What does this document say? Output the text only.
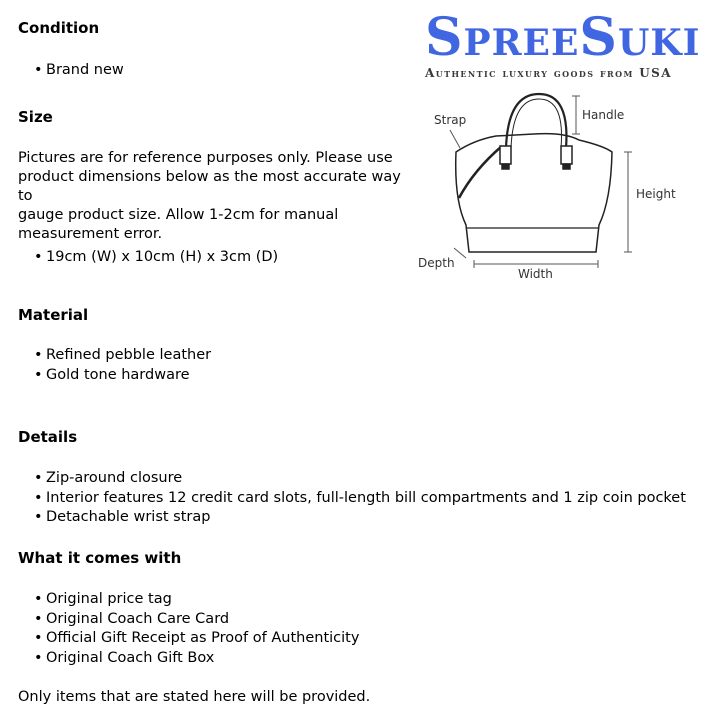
Condition
• Brand new
Size

Pictures are for reference purposes only. Please use
product dimensions below as the most accurate way to
gauge product size. Allow 1-2cm for manual
measurement error.

• 19cm (W) x 10cm (H) x 3cm (D)
Material
• Refined pebble leather
• Gold tone hardware
Details
• Zip-around closure
• Interior features 12 credit card slots, full-length bill compartments and 1 zip coin pocket
• Detachable wrist strap
What it comes with
• Original price tag
• Original Coach Care Card
• Official Gift Receipt as Proof of Authenticity
• Original Coach Gift Box

Only items that are stated here will be provided.

SpreeSuki
Authentic luxury goods from USA
Strap	Handle
Height
Depth
Width
